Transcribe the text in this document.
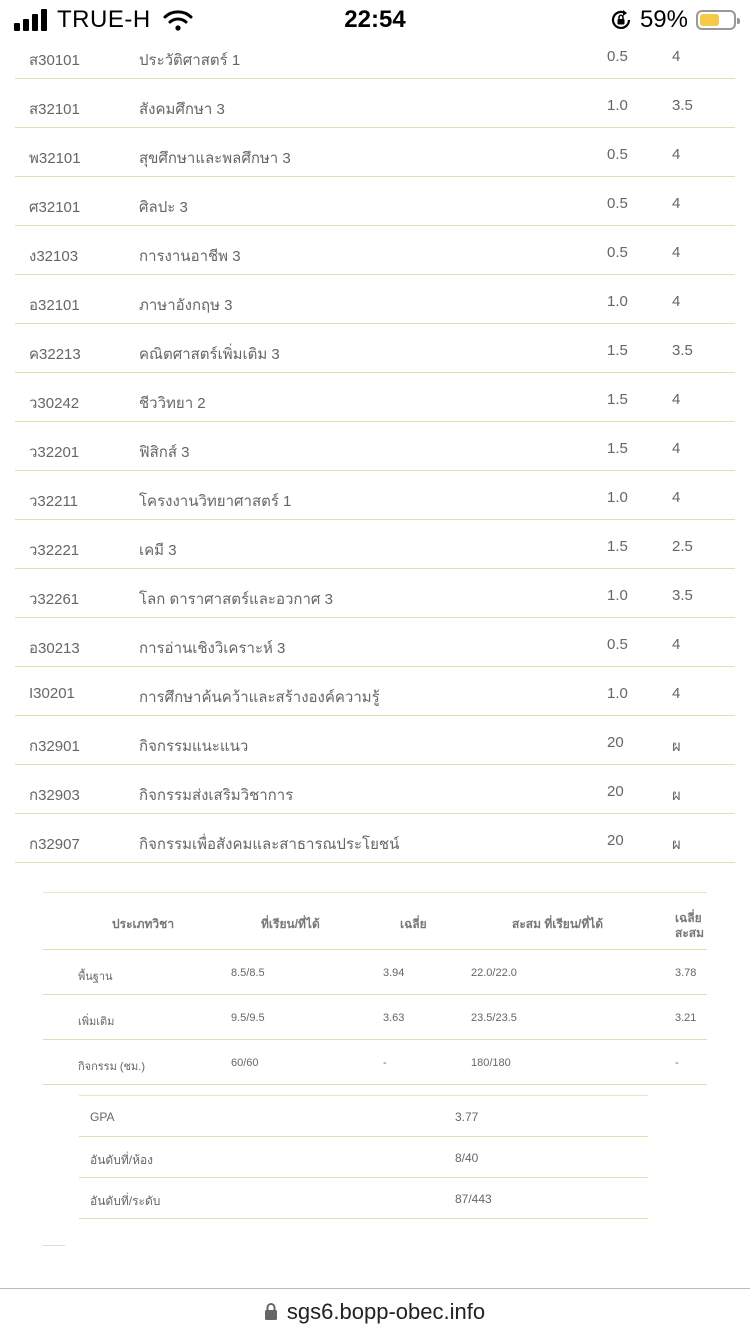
TRUE-H	22:54	59%
ส30101	ประวัติศาสตร์ 1	0.5	4
ส32101	สังคมศึกษา 3	1.0	3.5
พ32101	สุขศึกษาและพลศึกษา 3	0.5	4
ศ32101	ศิลปะ 3	0.5	4
ง32103	การงานอาชีพ 3	0.5	4
อ32101	ภาษาอังกฤษ 3	1.0	4
ค32213	คณิตศาสตร์เพิ่มเติม 3	1.5	3.5
ว30242	ชีววิทยา 2	1.5	4
ว32201	ฟิสิกส์ 3	1.5	4
ว32211	โครงงานวิทยาศาสตร์ 1	1.0	4
ว32221	เคมี 3	1.5	2.5
ว32261	โลก ดาราศาสตร์และอวกาศ 3	1.0	3.5
อ30213	การอ่านเชิงวิเคราะห์ 3	0.5	4
I30201	การศึกษาค้นคว้าและสร้างองค์ความรู้	1.0	4
ก32901	กิจกรรมแนะแนว	20	ผ
ก32903	กิจกรรมส่งเสริมวิชาการ	20	ผ
ก32907	กิจกรรมเพื่อสังคมและสาธารณประโยชน์	20	ผ
ประเภทวิชา	ที่เรียน/ที่ได้	เฉลี่ย	สะสม ที่เรียน/ที่ได้	เฉลี่ย
สะสม
พื้นฐาน	8.5/8.5	3.94	22.0/22.0	3.78
เพิ่มเติม	9.5/9.5	3.63	23.5/23.5	3.21
กิจกรรม (ชม.)	60/60	-	180/180	-
GPA	3.77
อันดับที่/ห้อง	8/40
อันดับที่/ระดับ	87/443
sgs6.bopp-obec.info
